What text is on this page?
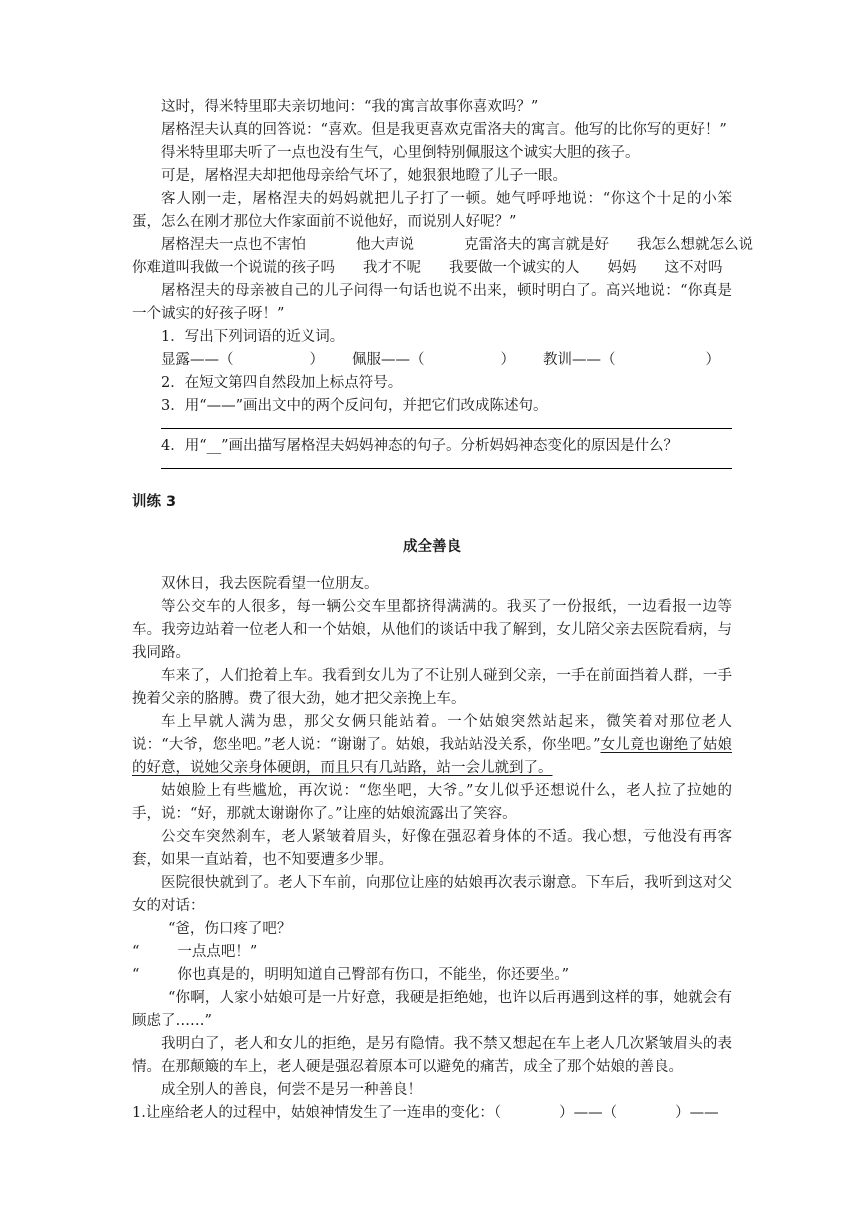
这时，得米特里耶夫亲切地问：“我的寓言故事你喜欢吗？”

屠格涅夫认真的回答说：“喜欢。但是我更喜欢克雷洛夫的寓言。他写的比你写的更好！”

得米特里耶夫听了一点也没有生气，心里倒特别佩服这个诚实大胆的孩子。

可是，屠格涅夫却把他母亲给气坏了，她狠狠地瞪了儿子一眼。

客人刚一走，屠格涅夫的妈妈就把儿子打了一顿。她气呼呼地说：“你这个十足的小笨蛋，怎么在刚才那位大作家面前不说他好，而说别人好呢？”

屠格涅夫一点也不害怕	他大声说	克雷洛夫的寓言就是好 我怎么想就怎么说

你难道叫我做一个说谎的孩子吗 我才不呢 我要做一个诚实的人 妈妈 这不对吗

屠格涅夫的母亲被自己的儿子问得一句话也说不出来，顿时明白了。高兴地说：“你真是一个诚实的好孩子呀！”

1．写出下列词语的近义词。

显露——（	） 佩服——（	） 教训——（	）

2．在短文第四自然段加上标点符号。

3．用“——”画出文中的两个反问句，并把它们改成陈述句。

4．用“__”画出描写屠格涅夫妈妈神态的句子。分析妈妈神态变化的原因是什么？

训练 3

成全善良

双休日，我去医院看望一位朋友。

等公交车的人很多，每一辆公交车里都挤得满满的。我买了一份报纸，一边看报一边等车。我旁边站着一位老人和一个姑娘，从他们的谈话中我了解到，女儿陪父亲去医院看病，与我同路。

车来了，人们抢着上车。我看到女儿为了不让别人碰到父亲，一手在前面挡着人群，一手挽着父亲的胳膊。费了很大劲，她才把父亲挽上车。

车上早就人满为患，那父女俩只能站着。一个姑娘突然站起来，微笑着对那位老人说：“大爷，您坐吧。”老人说：“谢谢了。姑娘，我站站没关系，你坐吧。”女儿竟也谢绝了姑娘的好意，说她父亲身体硬朗，而且只有几站路，站一会儿就到了。

姑娘脸上有些尴尬，再次说：“您坐吧，大爷。”女儿似乎还想说什么，老人拉了拉她的手，说：“好，那就太谢谢你了。”让座的姑娘流露出了笑容。

公交车突然刹车，老人紧皱着眉头，好像在强忍着身体的不适。我心想，亏他没有再客套，如果一直站着，也不知要遭多少罪。

医院很快就到了。老人下车前，向那位让座的姑娘再次表示谢意。下车后，我听到这对父女的对话：

“爸，伤口疼了吧？

“	一点点吧！”

“	你也真是的，明明知道自己臀部有伤口，不能坐，你还要坐。”

“你啊，人家小姑娘可是一片好意，我硬是拒绝她，也许以后再遇到这样的事，她就会有顾虑了……”

我明白了，老人和女儿的拒绝，是另有隐情。我不禁又想起在车上老人几次紧皱眉头的表情。在那颠簸的车上，老人硬是强忍着原本可以避免的痛苦，成全了那个姑娘的善良。

成全别人的善良，何尝不是另一种善良！

1.让座给老人的过程中，姑娘神情发生了一连串的变化：（	）——（	）——
